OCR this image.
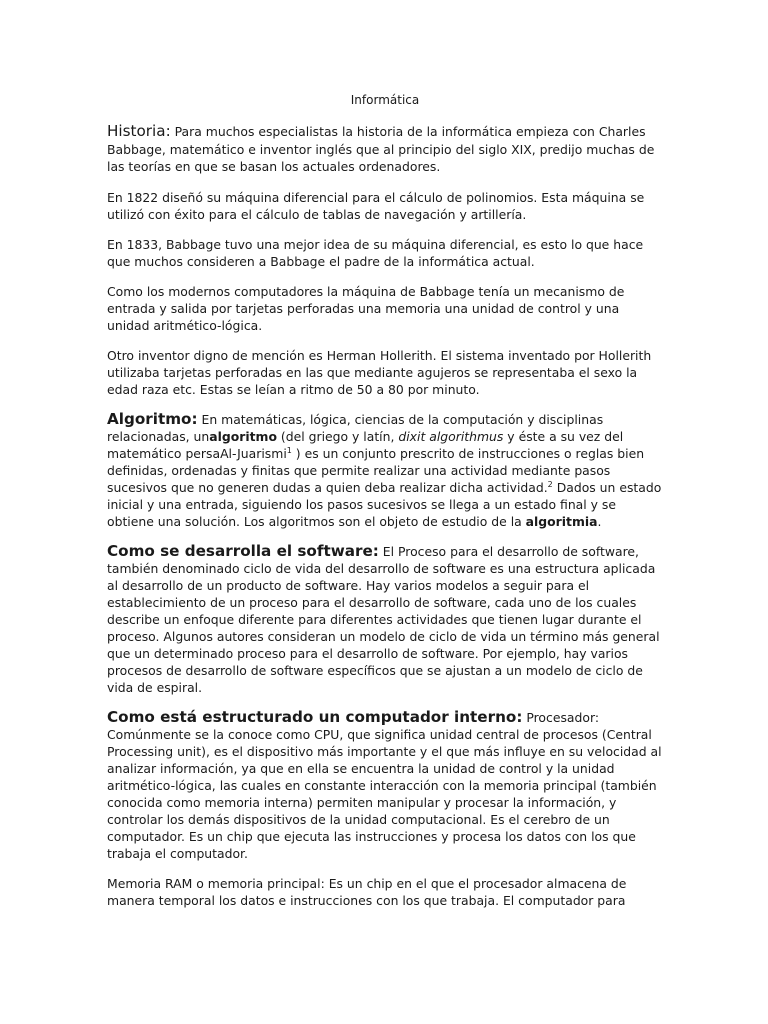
Informática

Historia: Para muchos especialistas la historia de la informática empieza con Charles Babbage, matemático e inventor inglés que al principio del siglo XIX, predijo muchas de las teorías en que se basan los actuales ordenadores.

En 1822 diseñó su máquina diferencial para el cálculo de polinomios. Esta máquina se utilizó con éxito para el cálculo de tablas de navegación y artillería.

En 1833, Babbage tuvo una mejor idea de su máquina diferencial, es esto lo que hace que muchos consideren a Babbage el padre de la informática actual.

Como los modernos computadores la máquina de Babbage tenía un mecanismo de entrada y salida por tarjetas perforadas una memoria una unidad de control y una unidad aritmético-lógica.

Otro inventor digno de mención es Herman Hollerith. El sistema inventado por Hollerith utilizaba tarjetas perforadas en las que mediante agujeros se representaba el sexo la edad raza etc. Estas se leían a ritmo de 50 a 80 por minuto.

Algoritmo: En matemáticas, lógica, ciencias de la computación y disciplinas relacionadas, unalgoritmo (del griego y latín, dixit algorithmus y éste a su vez del matemático persaAl-Juarismi$^1$ ) es un conjunto prescrito de instrucciones o reglas bien definidas, ordenadas y finitas que permite realizar una actividad mediante pasos sucesivos que no generen dudas a quien deba realizar dicha actividad.$^2$ Dados un estado inicial y una entrada, siguiendo los pasos sucesivos se llega a un estado final y se obtiene una solución. Los algoritmos son el objeto de estudio de la algoritmia.

Como se desarrolla el software: El Proceso para el desarrollo de software, también denominado ciclo de vida del desarrollo de software es una estructura aplicada al desarrollo de un producto de software. Hay varios modelos a seguir para el establecimiento de un proceso para el desarrollo de software, cada uno de los cuales describe un enfoque diferente para diferentes actividades que tienen lugar durante el proceso. Algunos autores consideran un modelo de ciclo de vida un término más general que un determinado proceso para el desarrollo de software. Por ejemplo, hay varios procesos de desarrollo de software específicos que se ajustan a un modelo de ciclo de vida de espiral.

Como está estructurado un computador interno: Procesador: Comúnmente se la conoce como CPU, que significa unidad central de procesos (Central Processing unit), es el dispositivo más importante y el que más influye en su velocidad al analizar información, ya que en ella se encuentra la unidad de control y la unidad aritmético-lógica, las cuales en constante interacción con la memoria principal (también conocida como memoria interna) permiten manipular y procesar la información, y controlar los demás dispositivos de la unidad computacional. Es el cerebro de un computador. Es un chip que ejecuta las instrucciones y procesa los datos con los que trabaja el computador.

Memoria RAM o memoria principal: Es un chip en el que el procesador almacena de manera temporal los datos e instrucciones con los que trabaja. El computador para
